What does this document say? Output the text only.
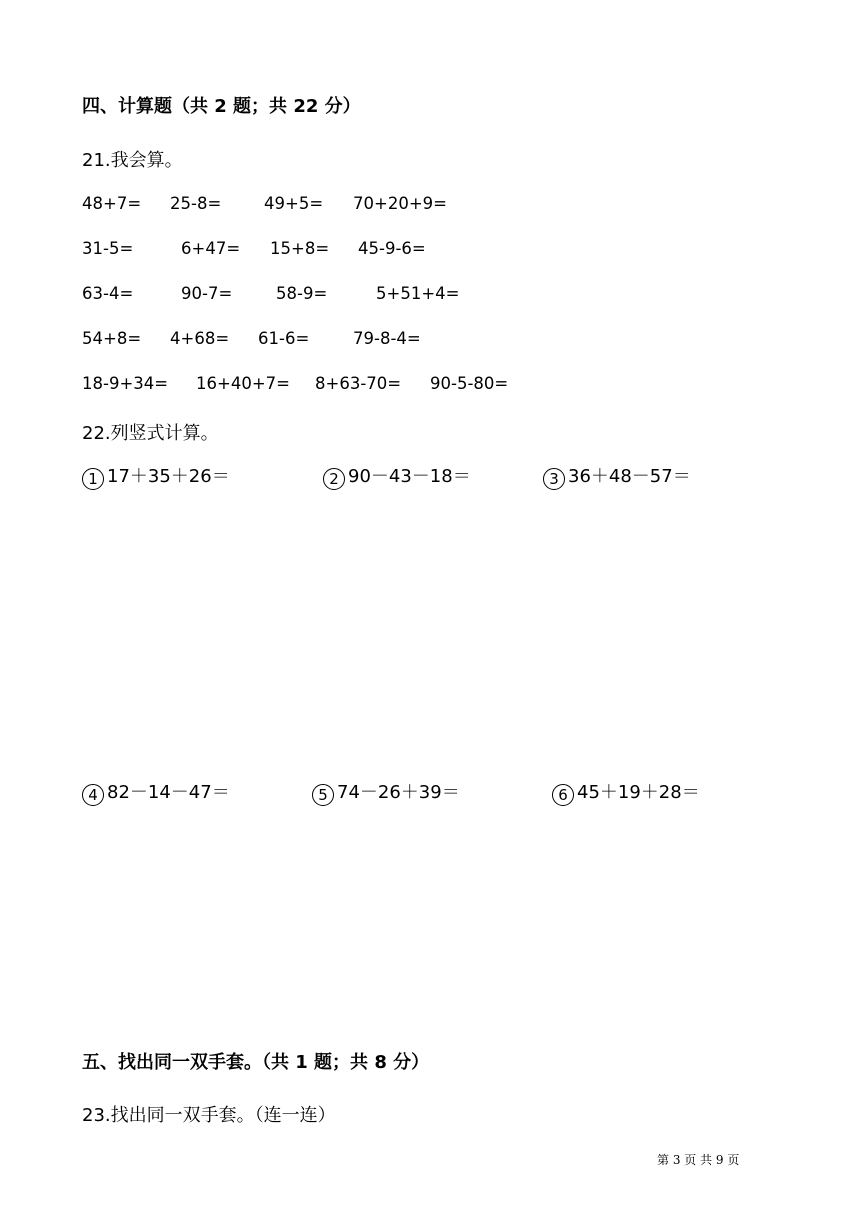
四、计算题（共 2 题；共 22 分）
21.我会算。
48+7= 25-8=	49+5= 70+20+9=
31-5=	6+47= 15+8= 45-9-6=
63-4=	90-7=	58-9=	5+51+4=
54+8= 4+68= 61-6=	79-8-4=
18-9+34= 16+40+7= 8+63-70= 90-5-80=
22.列竖式计算。
1 17＋35＋26＝	2 90－43－18＝	3 36＋48－57＝
4 82－14－47＝	5 74－26＋39＝	6 45＋19＋28＝
五、找出同一双手套。（共 1 题；共 8 分）
23.找出同一双手套。（连一连）
第 3 页 共 9 页
